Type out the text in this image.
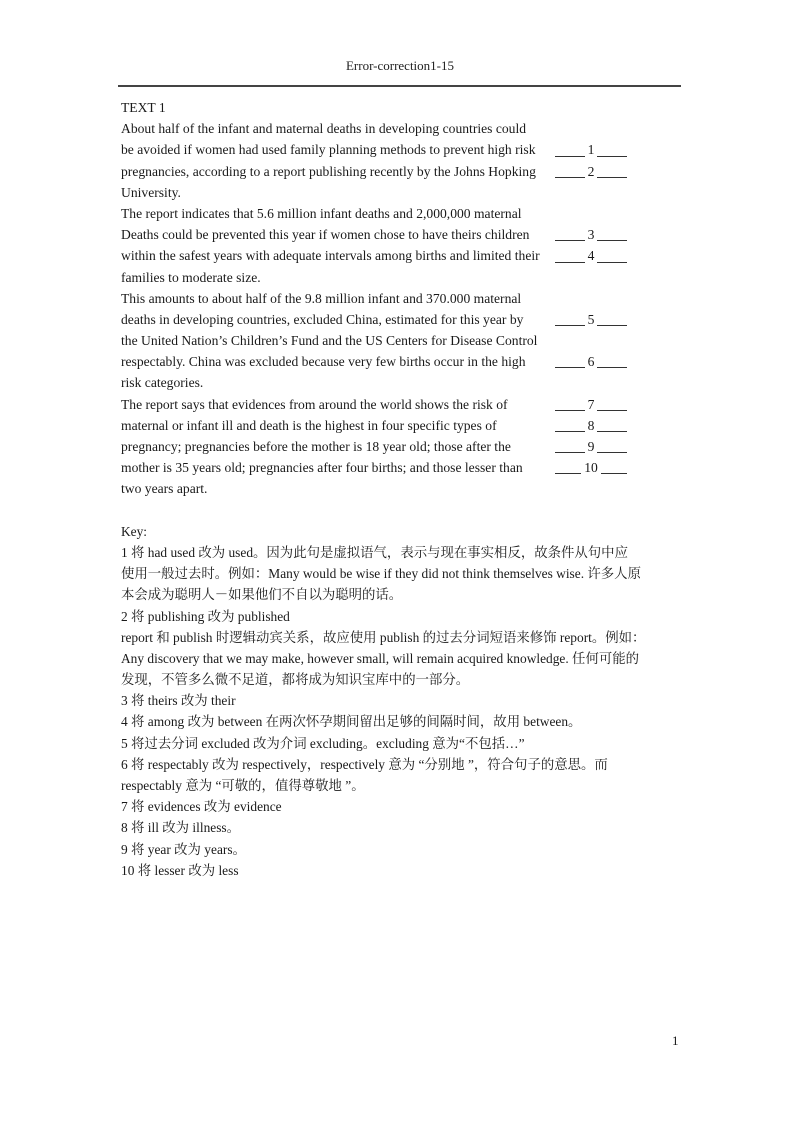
Error-correction1-15
TEXT 1
About half of the infant and maternal deaths in developing countries could
be avoided if women had used family planning methods to prevent high risk	1
pregnancies, according to a report publishing recently by the Johns Hopking	2
University.
The report indicates that 5.6 million infant deaths and 2,000,000 maternal
Deaths could be prevented this year if women chose to have theirs children	3
within the safest years with adequate intervals among births and limited their	4
families to moderate size.
This amounts to about half of the 9.8 million infant and 370.000 maternal
deaths in developing countries, excluded China, estimated for this year by	5
the United Nation’s Children’s Fund and the US Centers for Disease Control
respectably. China was excluded because very few births occur in the high	6
risk categories.
The report says that evidences from around the world shows the risk of	7
maternal or infant ill and death is the highest in four specific types of	8
pregnancy; pregnancies before the mother is 18 year old; those after the	9
mother is 35 years old; pregnancies after four births; and those lesser than	10
two years apart.
Key:
1 将 had used 改为 used。因为此句是虚拟语气，表示与现在事实相反，故条件从句中应
使用一般过去时。例如：Many would be wise if they did not think themselves wise. 许多人原
本会成为聪明人－如果他们不自以为聪明的话。
2 将 publishing 改为 published
report 和 publish 时逻辑动宾关系，故应使用 publish 的过去分词短语来修饰 report。例如：
Any discovery that we may make, however small, will remain acquired knowledge. 任何可能的
发现，不管多么微不足道，都将成为知识宝库中的一部分。
3 将 theirs 改为 their
4 将 among 改为 between 在两次怀孕期间留出足够的间隔时间，故用 between。
5 将过去分词 excluded 改为介词 excluding。excluding 意为“不包括…”
6 将 respectably 改为 respectively，respectively 意为 “分别地 ”，符合句子的意思。而
respectably 意为 “可敬的，值得尊敬地 ”。
7 将 evidences 改为 evidence
8 将 ill 改为 illness。
9 将 year 改为 years。
10 将 lesser 改为 less
1
